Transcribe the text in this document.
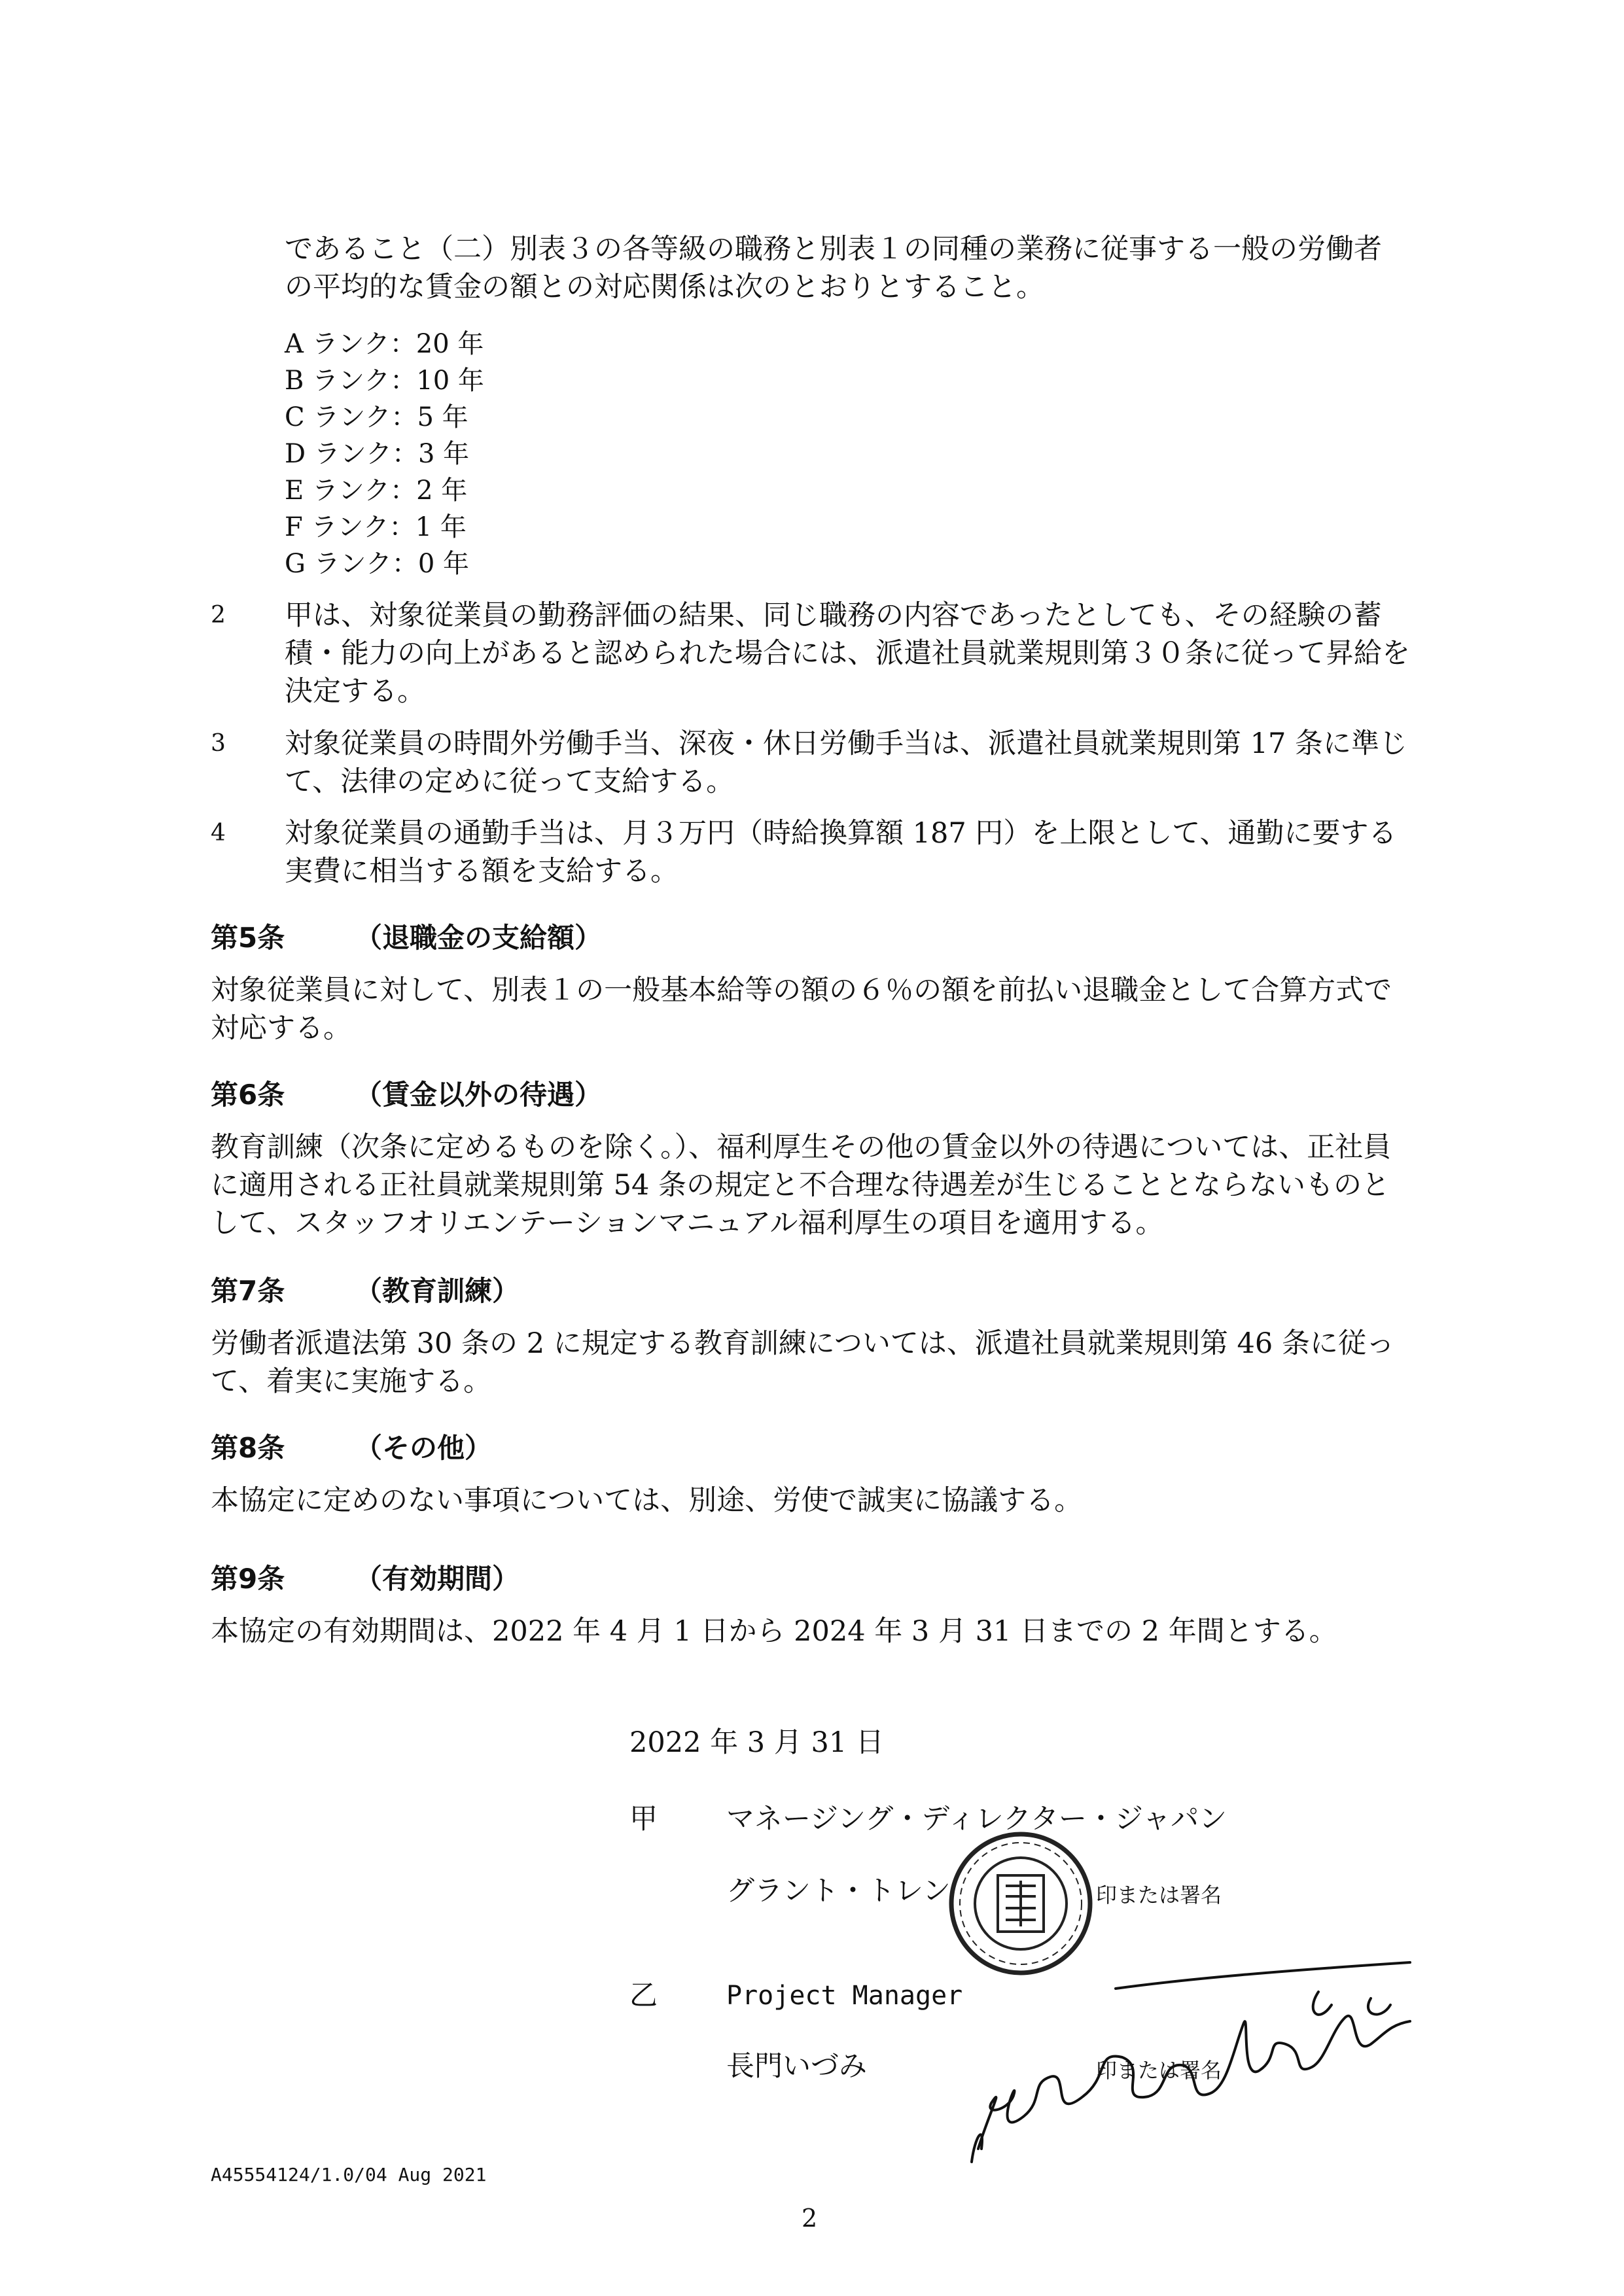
であること（二）別表３の各等級の職務と別表１の同種の業務に従事する一般の労働者
の平均的な賃金の額との対応関係は次のとおりとすること。
A ランク：20 年
B ランク：10 年
C ランク：5 年
D ランク：3 年
E ランク：2 年
F ランク：1 年
G ランク：0 年
2 甲は、対象従業員の勤務評価の結果、同じ職務の内容であったとしても、その経験の蓄積・能力の向上があると認められた場合には、派遣社員就業規則第３０条に従って昇給を決定する。
3 対象従業員の時間外労働手当、深夜・休日労働手当は、派遣社員就業規則第 17 条に準じて、法律の定めに従って支給する。
4 対象従業員の通勤手当は、月３万円（時給換算額 187 円）を上限として、通勤に要する実費に相当する額を支給する。
第5条	（退職金の支給額）
対象従業員に対して、別表１の一般基本給等の額の６％の額を前払い退職金として合算方式で対応する。
第6条	（賃金以外の待遇）
教育訓練（次条に定めるものを除く。）、福利厚生その他の賃金以外の待遇については、正社員に適用される正社員就業規則第 54 条の規定と不合理な待遇差が生じることとならないものとして、スタッフオリエンテーションマニュアル福利厚生の項目を適用する。
第7条	（教育訓練）
労働者派遣法第 30 条の 2 に規定する教育訓練については、派遣社員就業規則第 46 条に従って、着実に実施する。
第8条	（その他）
本協定に定めのない事項については、別途、労使で誠実に協議する。
第9条	（有効期間）
本協定の有効期間は、2022 年 4 月 1 日から 2024 年 3 月 31 日までの 2 年間とする。
2022 年 3 月 31 日
甲 マネージング・ディレクター・ジャパン
グラント・トレン	印または署名
乙	Project Manager
長門いづみ	印または署名
A45554124/1.0/04 Aug 2021
2
